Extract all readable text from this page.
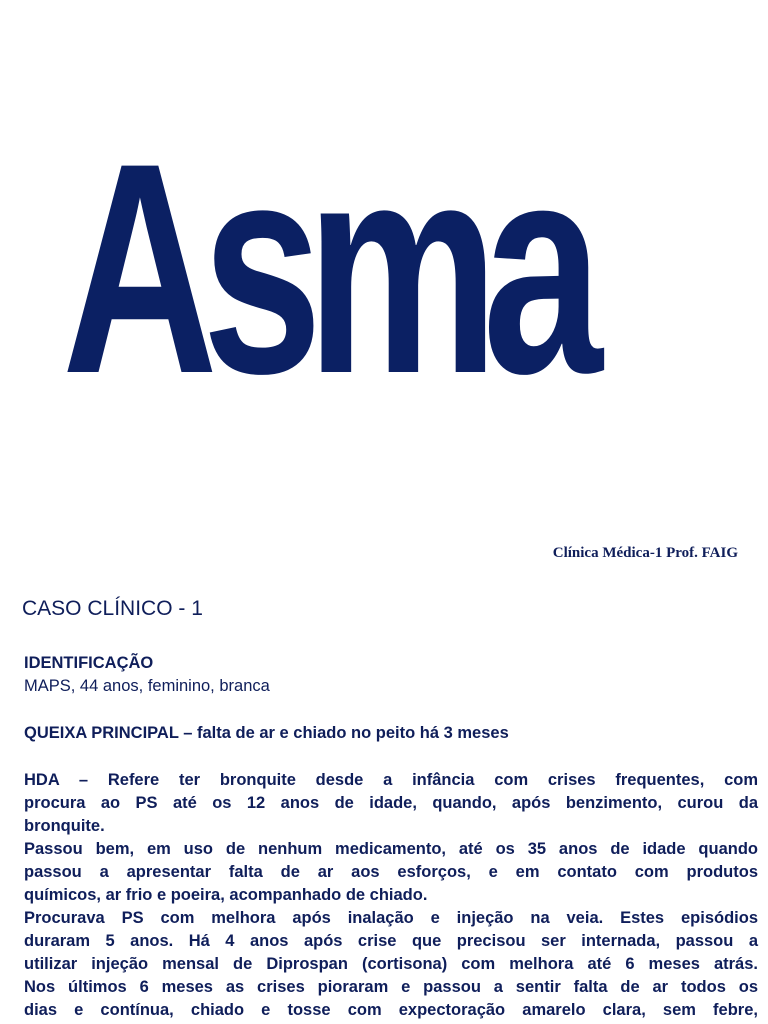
Asma
Clínica Médica-1 Prof. FAIG
CASO CLÍNICO - 1
IDENTIFICAÇÃO
MAPS, 44 anos, feminino, branca
QUEIXA PRINCIPAL – falta de ar e chiado no peito há 3 meses
HDA – Refere ter bronquite desde a infância com crises frequentes, com
procura ao PS até os 12 anos de idade, quando, após benzimento, curou da
bronquite.
Passou bem, em uso de nenhum medicamento, até os 35 anos de idade quando
passou a apresentar falta de ar aos esforços, e em contato com produtos
químicos, ar frio e poeira, acompanhado de chiado.
Procurava PS com melhora após inalação e injeção na veia. Estes episódios
duraram 5 anos. Há 4 anos após crise que precisou ser internada, passou a
utilizar injeção mensal de Diprospan (cortisona) com melhora até 6 meses atrás.
Nos últimos 6 meses as crises pioraram e passou a sentir falta de ar todos os
dias e contínua, chiado e tosse com expectoração amarelo clara, sem febre,
